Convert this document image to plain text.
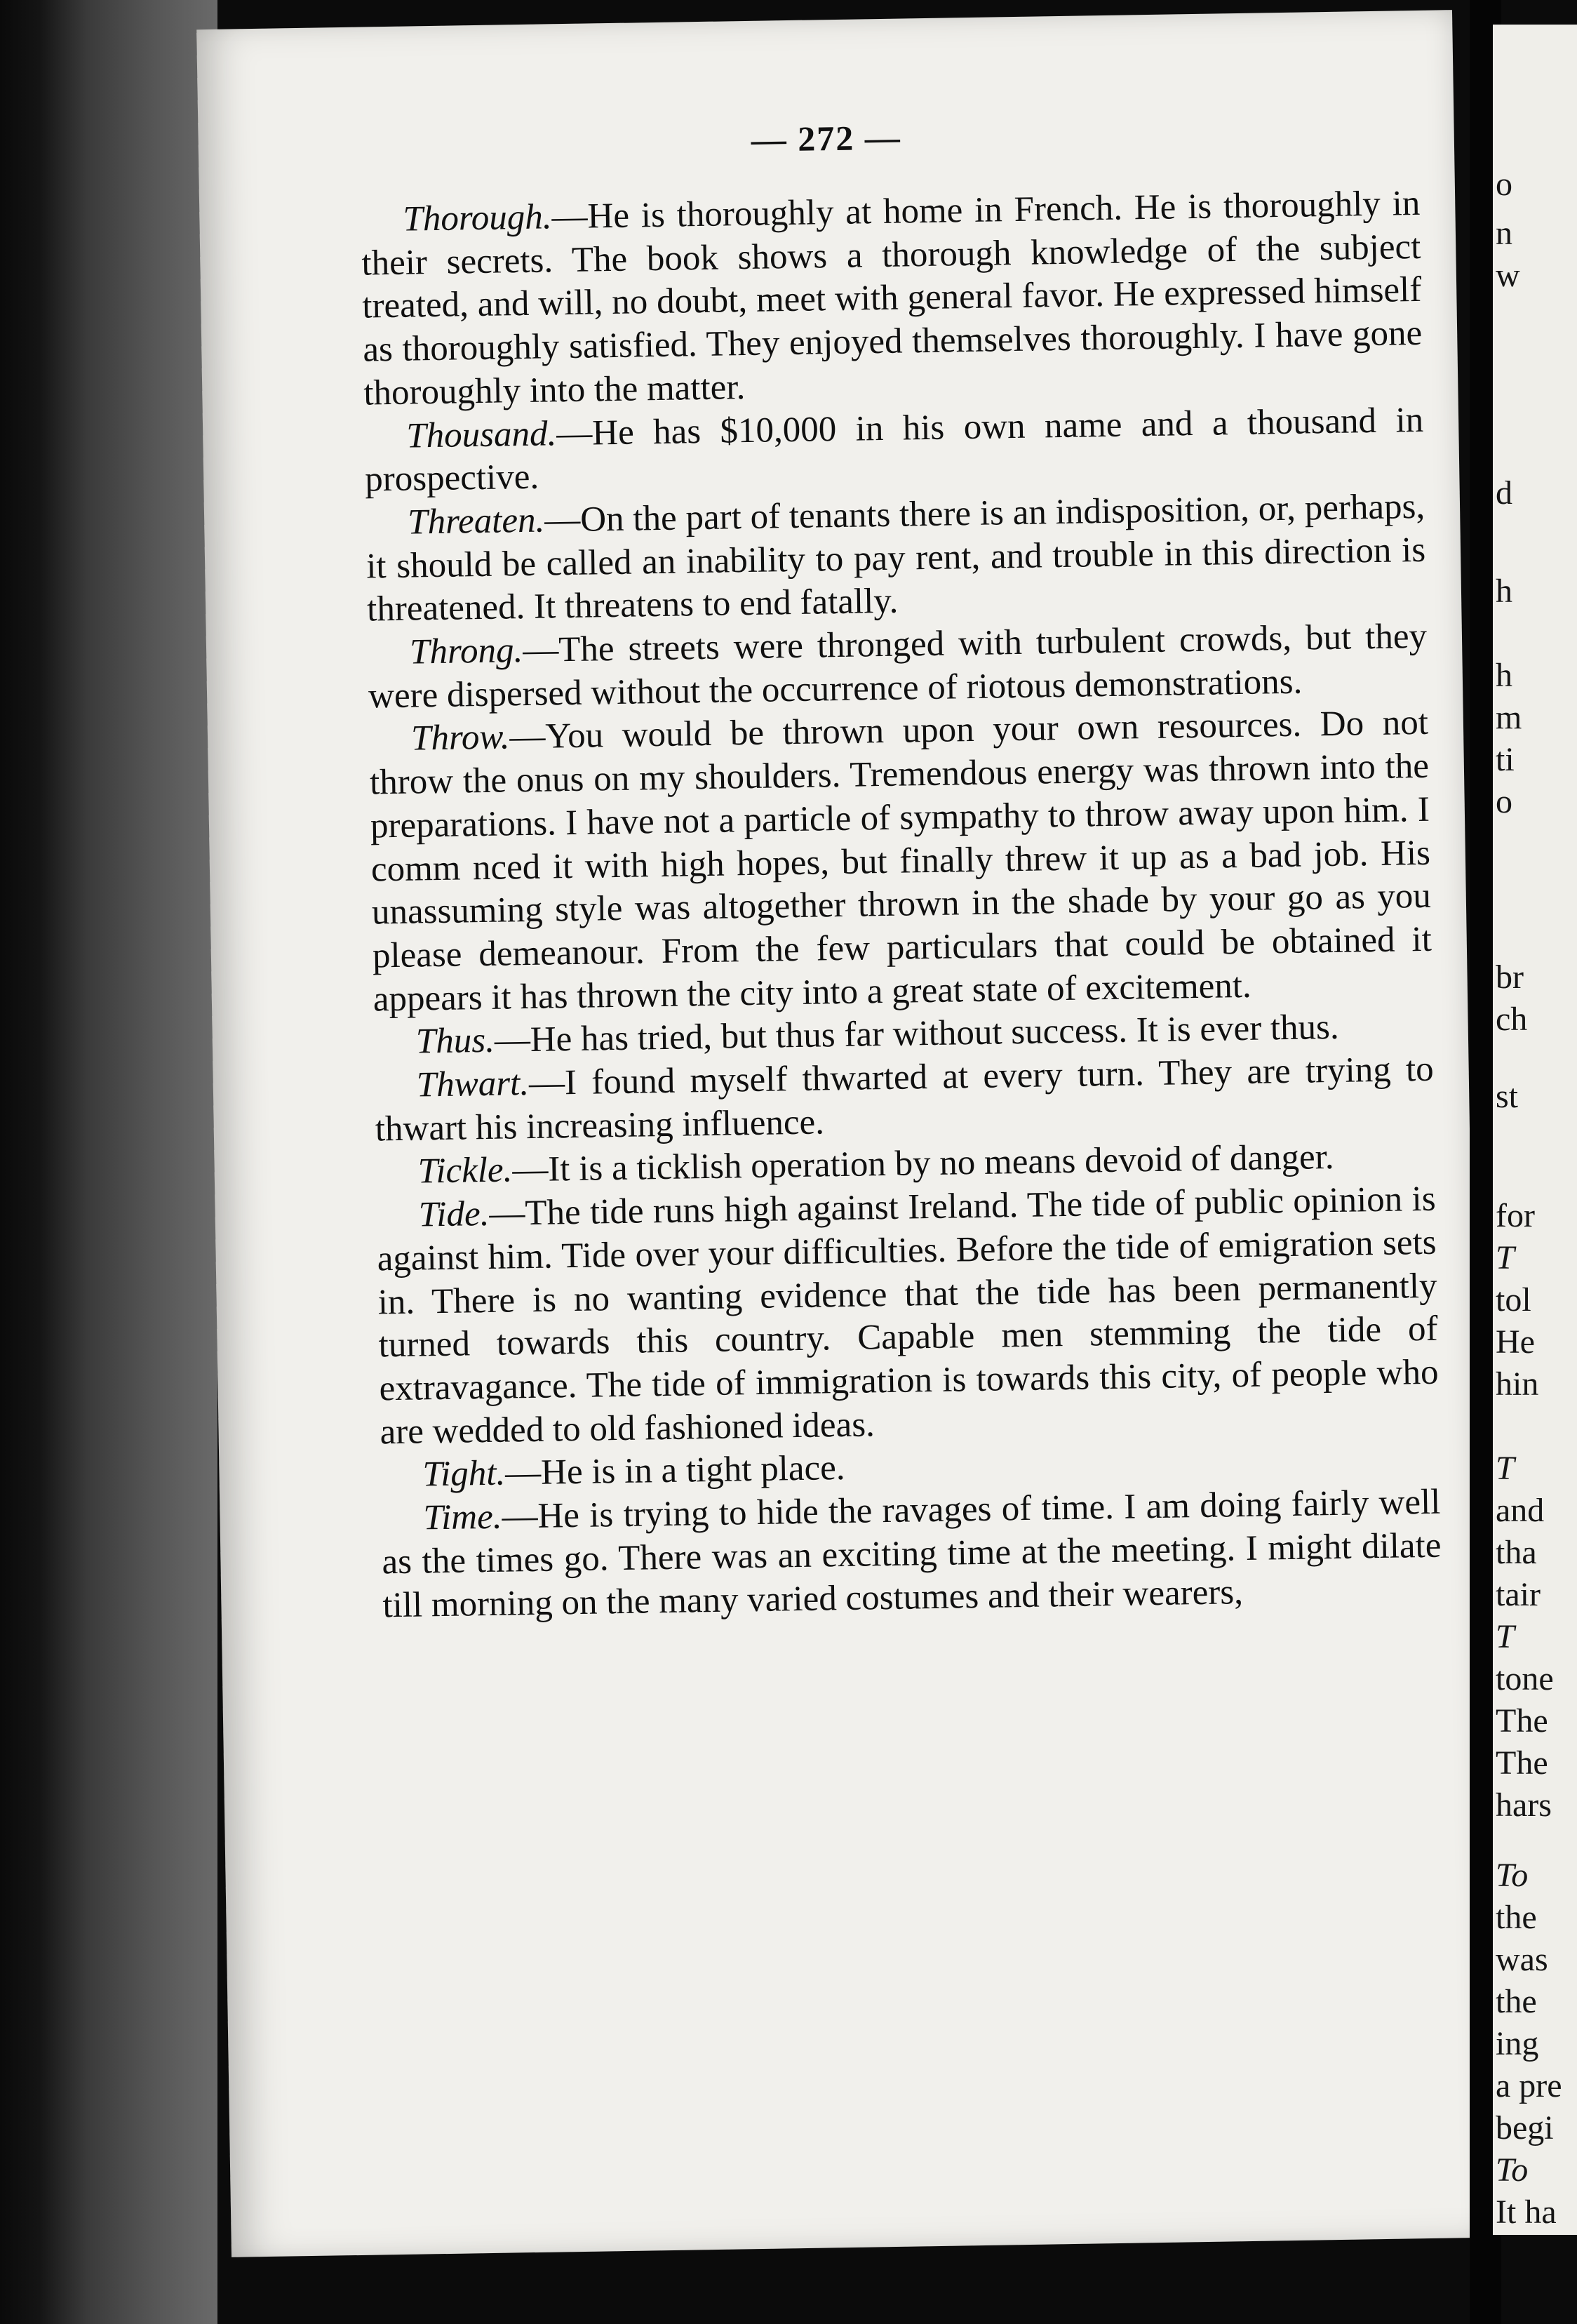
— 272 —

Thorough.—He is thoroughly at home in French. He is thoroughly in their secrets. The book shows a thorough knowledge of the subject treated, and will, no doubt, meet with general favor. He expressed himself as thoroughly satisfied. They enjoyed themselves thoroughly. I have gone thoroughly into the matter.

Thousand.—He has $10,000 in his own name and a thousand in prospective.

Threaten.—On the part of tenants there is an indisposition, or, perhaps, it should be called an inability to pay rent, and trouble in this direction is threatened. It threatens to end fatally.

Throng.—The streets were thronged with turbulent crowds, but they were dispersed without the occurrence of riotous demonstrations.

Throw.—You would be thrown upon your own resources. Do not throw the onus on my shoulders. Tremendous energy was thrown into the preparations. I have not a particle of sympathy to throw away upon him. I comm nced it with high hopes, but finally threw it up as a bad job. His unassuming style was altogether thrown in the shade by your go as you please demeanour. From the few particulars that could be obtained it appears it has thrown the city into a great state of excitement.

Thus.—He has tried, but thus far without success. It is ever thus.

Thwart.—I found myself thwarted at every turn. They are trying to thwart his increasing influence.

Tickle.—It is a ticklish operation by no means devoid of danger.

Tide.—The tide runs high against Ireland. The tide of public opinion is against him. Tide over your difficulties. Before the tide of emigration sets in. There is no wanting evidence that the tide has been permanently turned towards this country. Capable men stemming the tide of extravagance. The tide of immigration is towards this city, of people who are wedded to old fashioned ideas.

Tight.—He is in a tight place.

Time.—He is trying to hide the ravages of time. I am doing fairly well as the times go. There was an exciting time at the meeting. I might dilate till morning on the many varied costumes and their wearers,

o
n
w
d
h
h
m
ti
o
br
ch
st
for
T
tol
He
hin
T
and
tha
tair
T
tone
The
The
hars
To
the
was
the
ing
a pre
begi
To
It ha
